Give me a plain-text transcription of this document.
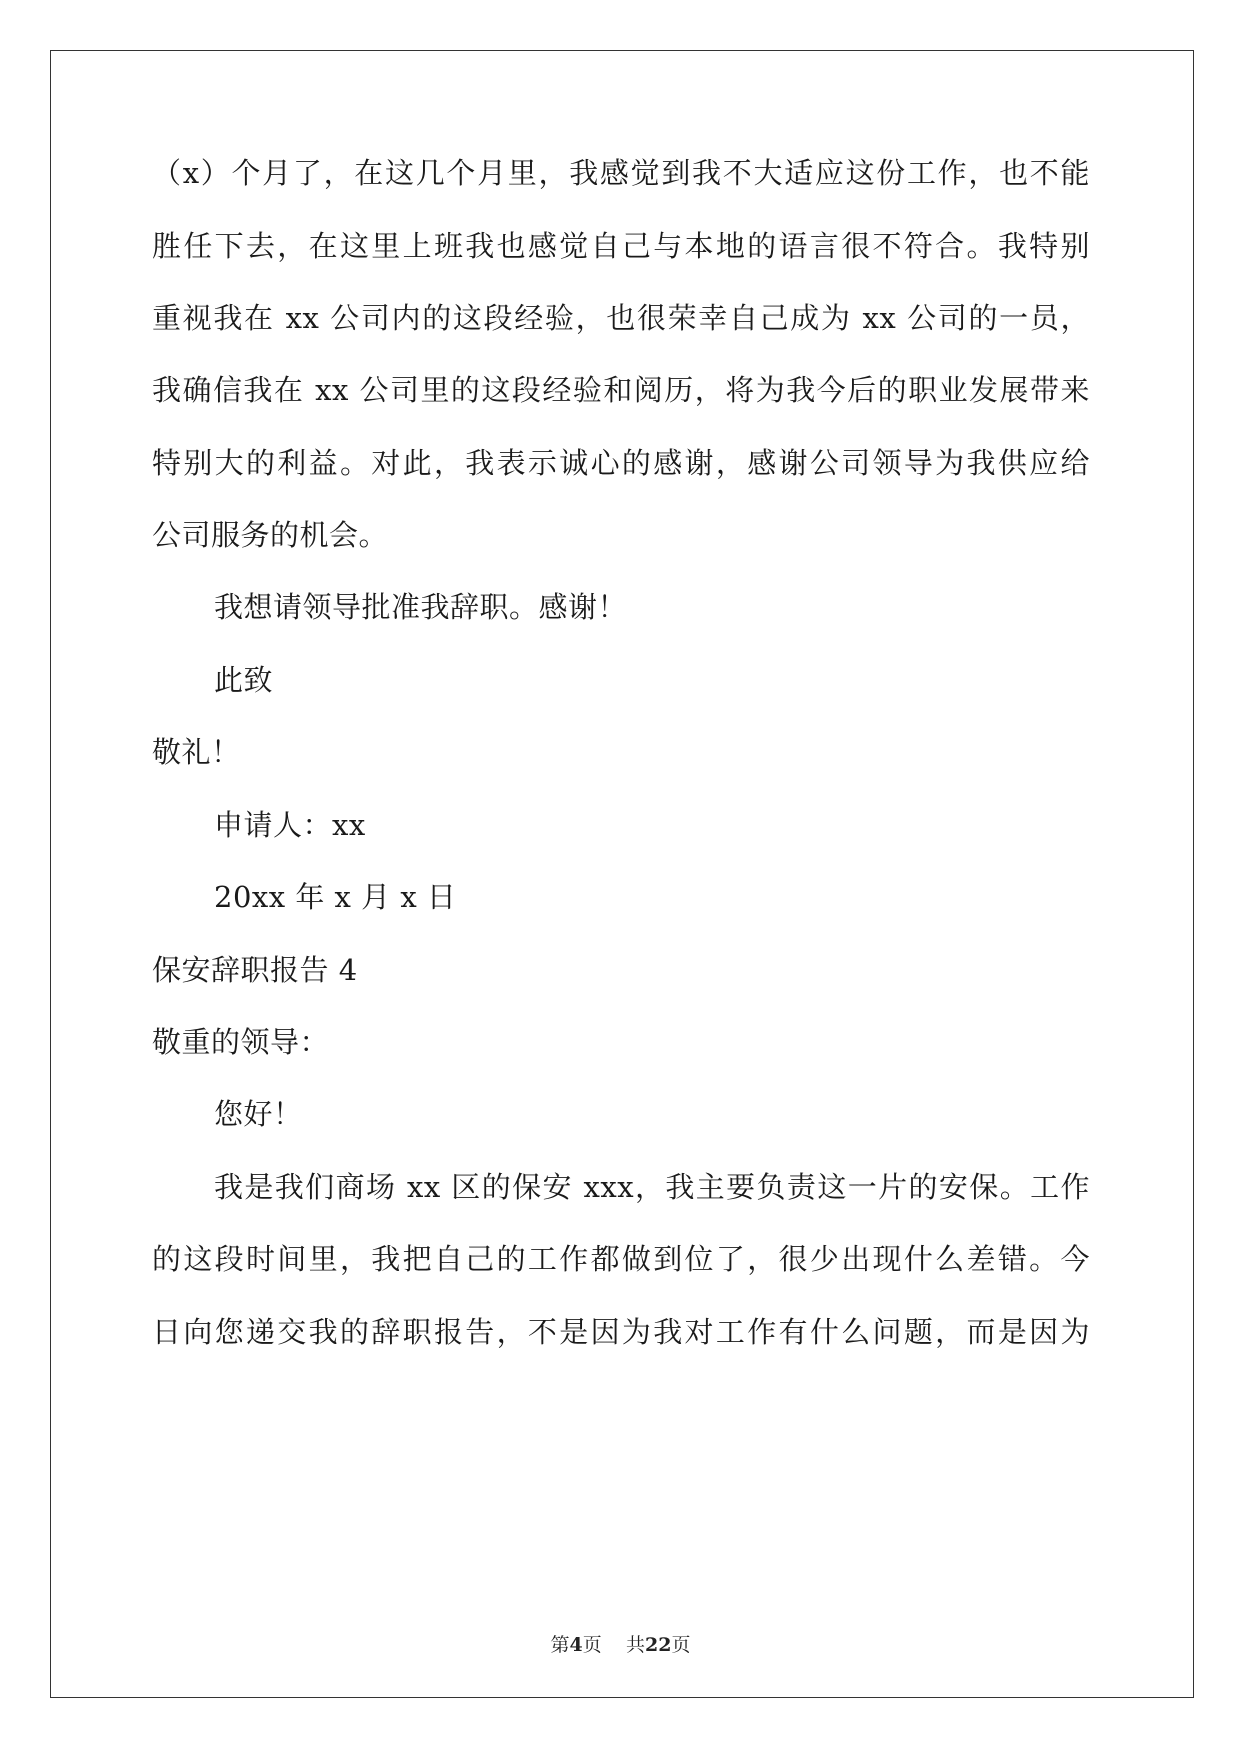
（x）个月了，在这几个月里，我感觉到我不大适应这份工作，也不能
胜任下去，在这里上班我也感觉自己与本地的语言很不符合。我特别
重视我在 xx 公司内的这段经验，也很荣幸自己成为 xx 公司的一员，
我确信我在 xx 公司里的这段经验和阅历，将为我今后的职业发展带来
特别大的利益。对此，我表示诚心的感谢，感谢公司领导为我供应给
公司服务的机会。
我想请领导批准我辞职。感谢！
此致
敬礼！
申请人：xx
20xx 年 x 月 x 日
保安辞职报告 4
敬重的领导：
您好！
我是我们商场 xx 区的保安 xxx，我主要负责这一片的安保。工作
的这段时间里，我把自己的工作都做到位了，很少出现什么差错。今
日向您递交我的辞职报告，不是因为我对工作有什么问题，而是因为
第4页 共22页
